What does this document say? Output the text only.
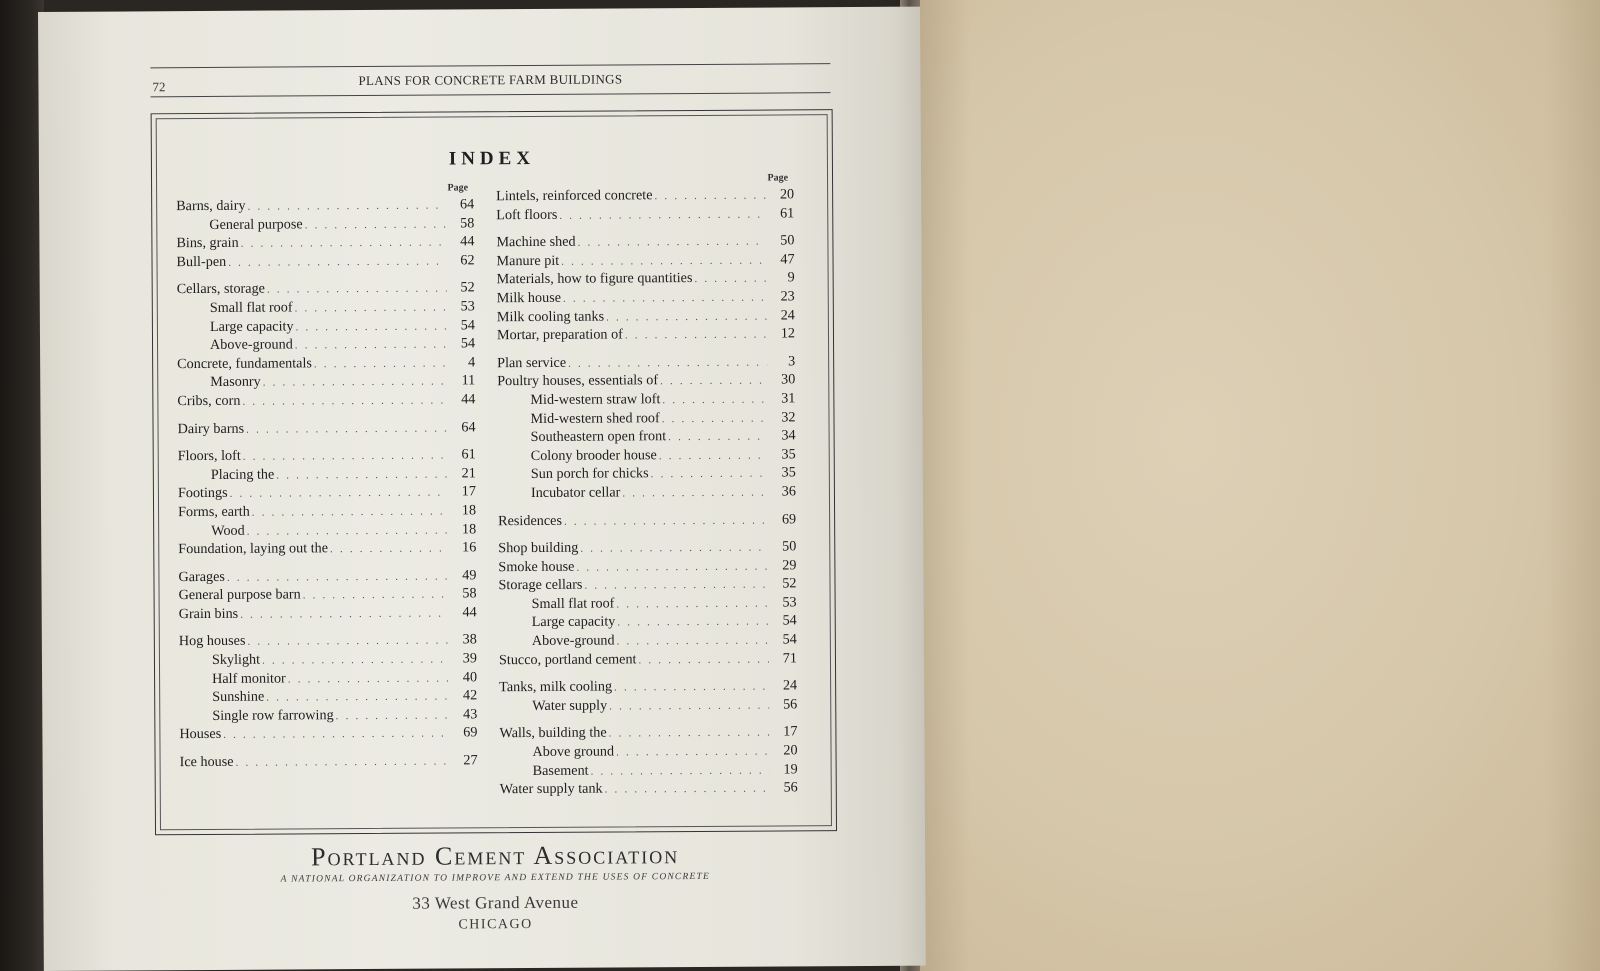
72	PLANS FOR CONCRETE FARM BUILDINGS
INDEX
Page
Barns, dairy . . .	64
General purpose . . .	58
Bins, grain . . .	44
Bull-pen . . .	62
Cellars, storage . . .	52
Small flat roof . . .	53
Large capacity . . .	54
Above-ground . . .	54
Concrete, fundamentals . . .	4
Masonry . . .	11
Cribs, corn . . .	44
Dairy barns . . .	64
Floors, loft . . .	61
Placing the . . .	21
Footings . . .	17
Forms, earth . . .	18
Wood . . .	18
Foundation, laying out the . . .	16
Garages . . .	49
General purpose barn . . .	58
Grain bins . . .	44
Hog houses . . .	38
Skylight . . .	39
Half monitor . . .	40
Sunshine . . .	42
Single row farrowing . . .	43
Houses . . .	69
Ice house . . .	27
Page
Lintels, reinforced concrete . . .	20
Loft floors . . .	61
Machine shed . . .	50
Manure pit . . .	47
Materials, how to figure quantities . . .	9
Milk house . . .	23
Milk cooling tanks . . .	24
Mortar, preparation of . . .	12
Plan service . . .	3
Poultry houses, essentials of . . .	30
Mid-western straw loft . . .	31
Mid-western shed roof . . .	32
Southeastern open front . . .	34
Colony brooder house . . .	35
Sun porch for chicks . . .	35
Incubator cellar . . .	36
Residences . . .	69
Shop building . . .	50
Smoke house . . .	29
Storage cellars . . .	52
Small flat roof . . .	53
Large capacity . . .	54
Above-ground . . .	54
Stucco, portland cement . . .	71
Tanks, milk cooling . . .	24
Water supply . . .	56
Walls, building the . . .	17
Above ground . . .	20
Basement . . .	19
Water supply tank . . .	56
Portland Cement Association
A NATIONAL ORGANIZATION TO IMPROVE AND EXTEND THE USES OF CONCRETE
33 West Grand Avenue
CHICAGO
